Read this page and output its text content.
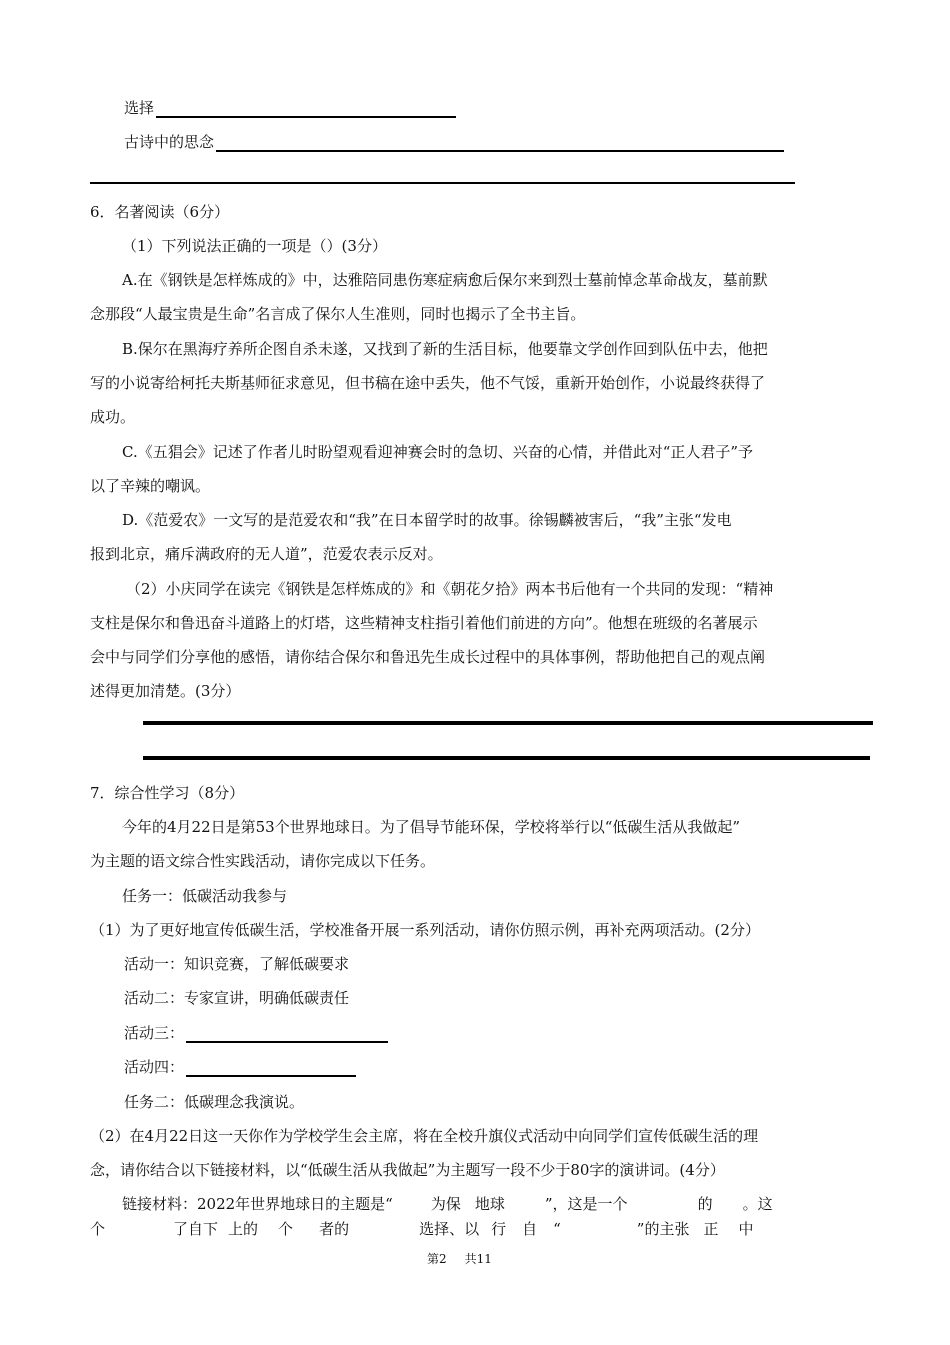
选择
古诗中的思念
6．名著阅读（6分）
（1）下列说法正确的一项是（）(3分）
A.在《钢铁是怎样炼成的》中，达雅陪同患伤寒症病愈后保尔来到烈士墓前悼念革命战友，墓前默
念那段“人最宝贵是生命”名言成了保尔人生准则，同时也揭示了全书主旨。
B.保尔在黑海疗养所企图自杀未遂，又找到了新的生活目标，他要靠文学创作回到队伍中去，他把
写的小说寄给柯托夫斯基师征求意见，但书稿在途中丢失，他不气馁，重新开始创作，小说最终获得了
成功。
C.《五猖会》记述了作者儿时盼望观看迎神赛会时的急切、兴奋的心情，并借此对“正人君子”予
以了辛辣的嘲讽。
D.《范爱农》一文写的是范爱农和“我”在日本留学时的故事。徐锡麟被害后，“我”主张“发电
报到北京，痛斥满政府的无人道”，范爱农表示反对。
（2）小庆同学在读完《钢铁是怎样炼成的》和《朝花夕拾》两本书后他有一个共同的发现：“精神
支柱是保尔和鲁迅奋斗道路上的灯塔，这些精神支柱指引着他们前进的方向”。他想在班级的名著展示
会中与同学们分享他的感悟，请你结合保尔和鲁迅先生成长过程中的具体事例，帮助他把自己的观点阐
述得更加清楚。(3分）
7．综合性学习（8分）
今年的4月22日是第53个世界地球日。为了倡导节能环保，学校将举行以“低碳生活从我做起”
为主题的语文综合性实践活动，请你完成以下任务。
任务一：低碳活动我参与
（1）为了更好地宣传低碳生活，学校准备开展一系列活动，请你仿照示例，再补充两项活动。(2分）
活动一：知识竞赛，了解低碳要求
活动二：专家宣讲，明确低碳责任
活动三：
活动四：
任务二：低碳理念我演说。
（2）在4月22日这一天你作为学校学生会主席，将在全校升旗仪式活动中向同学们宣传低碳生活的理
念，请你结合以下链接材料，以“低碳生活从我做起”为主题写一段不少于80字的演讲词。(4分）
链接材料：2022年世界地球日的主题是“	为保 地球	”，这是一个	的 。这
个	了自下 上的 个 者的	选择、以 行 自 “	”的主张 正 中
第2 共11
